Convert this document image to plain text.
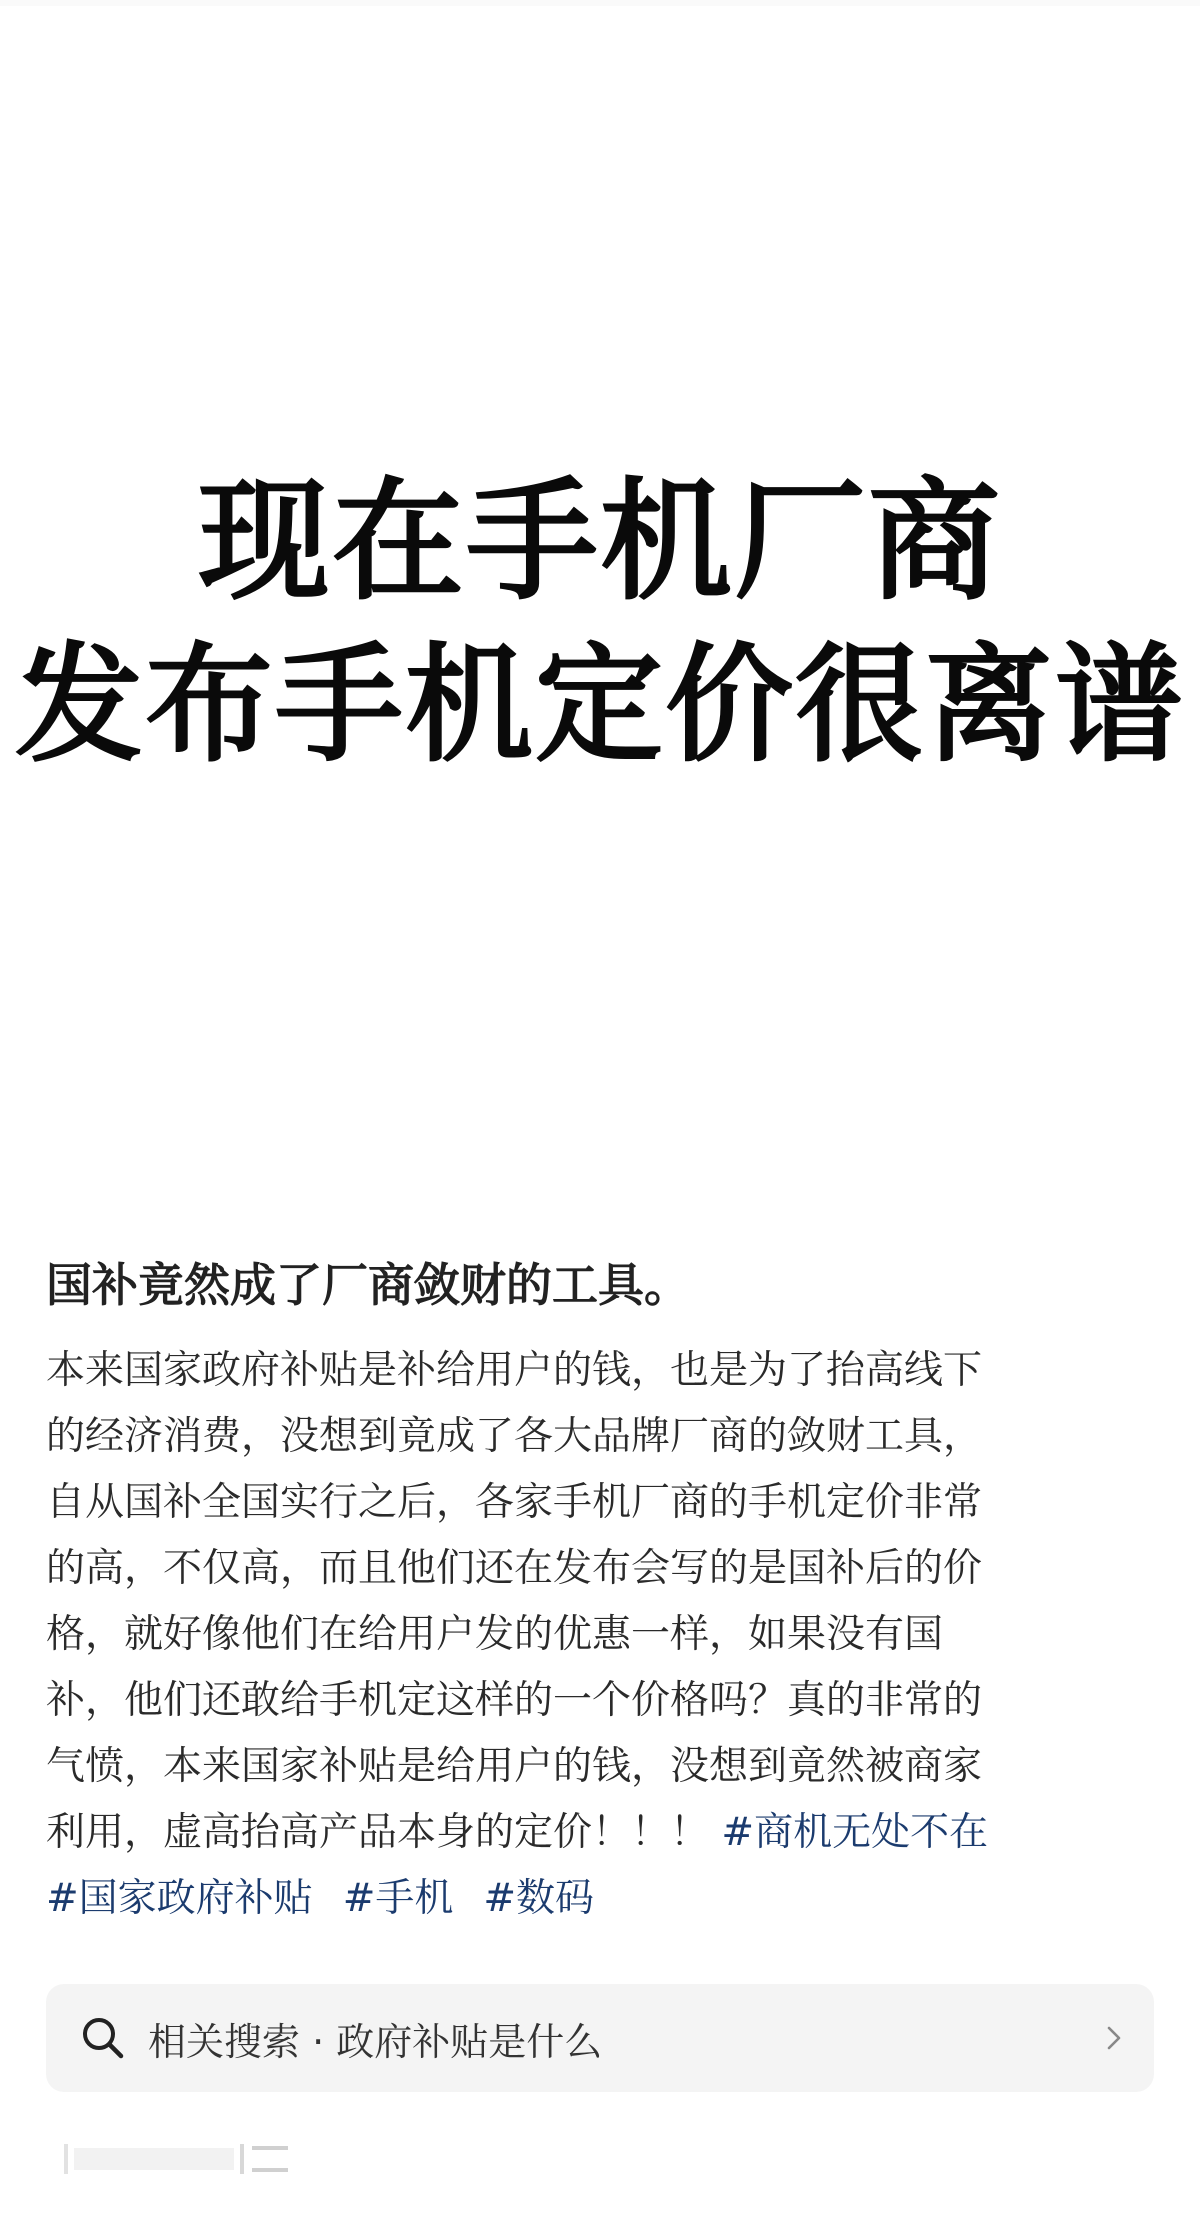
现在手机厂商
发布手机定价很离谱
国补竟然成了厂商敛财的工具。
本来国家政府补贴是补给用户的钱，也是为了抬高线下
的经济消费，没想到竟成了各大品牌厂商的敛财工具，
自从国补全国实行之后，各家手机厂商的手机定价非常
的高，不仅高，而且他们还在发布会写的是国补后的价
格，就好像他们在给用户发的优惠一样，如果没有国
补，他们还敢给手机定这样的一个价格吗？真的非常的
气愤，本来国家补贴是给用户的钱，没想到竟然被商家
利用，虚高抬高产品本身的定价！！！ #商机无处不在
#国家政府补贴 #手机 #数码
相关搜索 · 政府补贴是什么
